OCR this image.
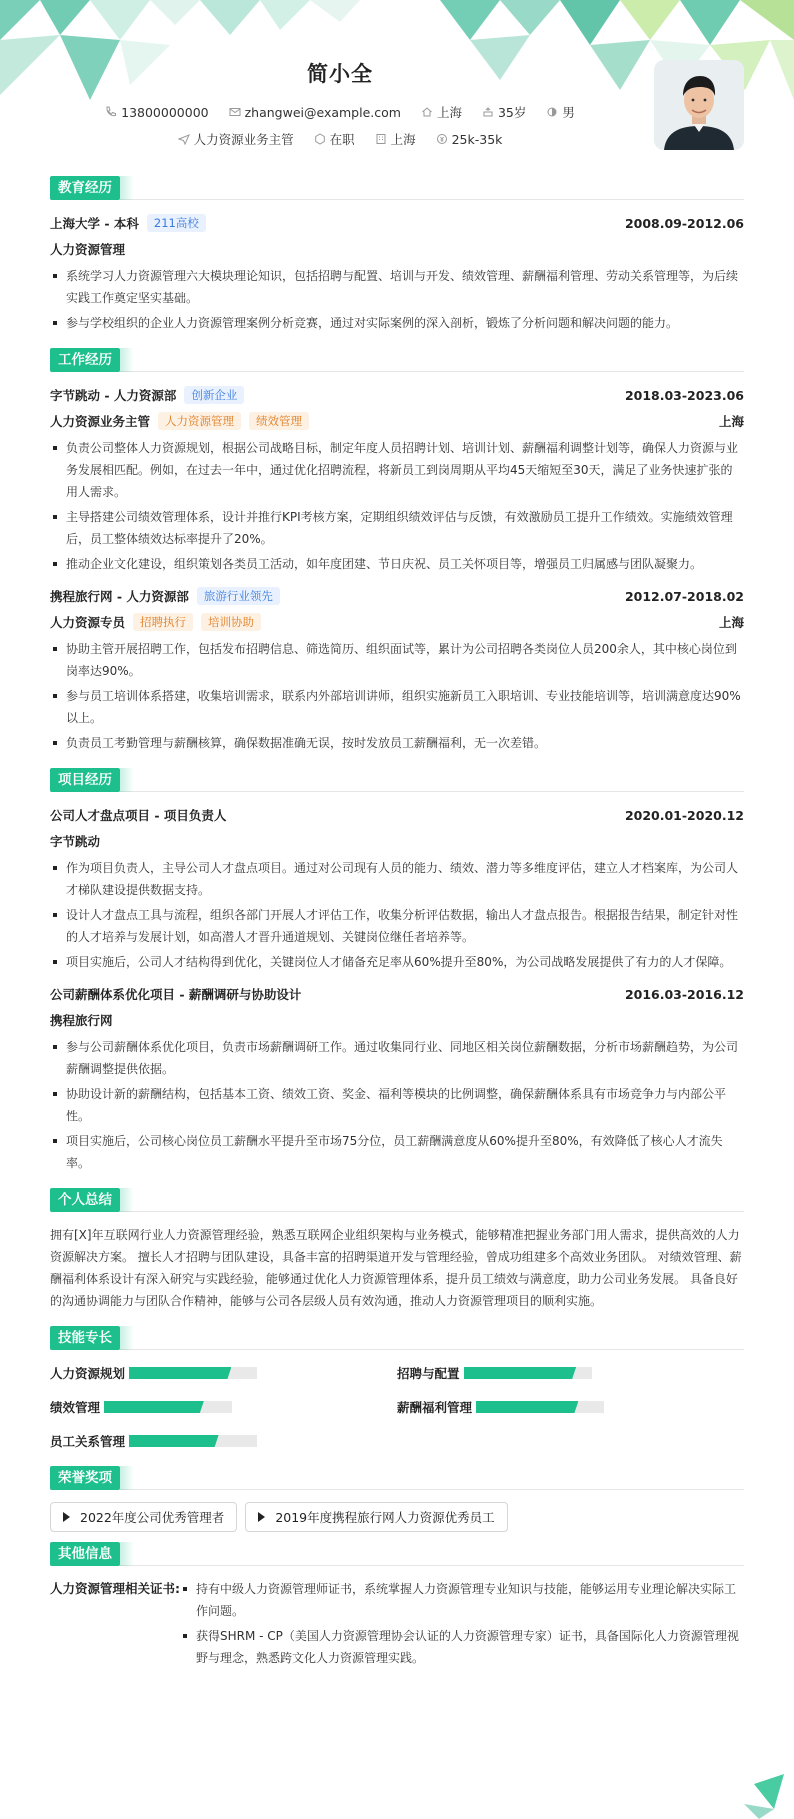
简小全
13800000000	zhangwei@example.com	上海	35岁	男
人力资源业务主管	在职	上海	25k-35k
教育经历
上海大学 - 本科	211高校	2008.09-2012.06
人力资源管理
系统学习人力资源管理六大模块理论知识，包括招聘与配置、培训与开发、绩效管理、薪酬福利管理、劳动关系管理等，为后续实践工作奠定坚实基础。
参与学校组织的企业人力资源管理案例分析竞赛，通过对实际案例的深入剖析，锻炼了分析问题和解决问题的能力。
工作经历
字节跳动 - 人力资源部	创新企业	2018.03-2023.06
人力资源业务主管	人力资源管理	绩效管理	上海
负责公司整体人力资源规划，根据公司战略目标，制定年度人员招聘计划、培训计划、薪酬福利调整计划等，确保人力资源与业务发展相匹配。例如，在过去一年中，通过优化招聘流程，将新员工到岗周期从平均45天缩短至30天，满足了业务快速扩张的用人需求。
主导搭建公司绩效管理体系，设计并推行KPI考核方案，定期组织绩效评估与反馈，有效激励员工提升工作绩效。实施绩效管理后，员工整体绩效达标率提升了20%。
推动企业文化建设，组织策划各类员工活动，如年度团建、节日庆祝、员工关怀项目等，增强员工归属感与团队凝聚力。
携程旅行网 - 人力资源部	旅游行业领先	2012.07-2018.02
人力资源专员	招聘执行	培训协助	上海
协助主管开展招聘工作，包括发布招聘信息、筛选简历、组织面试等，累计为公司招聘各类岗位人员200余人，其中核心岗位到岗率达90%。
参与员工培训体系搭建，收集培训需求，联系内外部培训讲师，组织实施新员工入职培训、专业技能培训等，培训满意度达90%以上。
负责员工考勤管理与薪酬核算，确保数据准确无误，按时发放员工薪酬福利，无一次差错。
项目经历
公司人才盘点项目 - 项目负责人	2020.01-2020.12
字节跳动
作为项目负责人，主导公司人才盘点项目。通过对公司现有人员的能力、绩效、潜力等多维度评估，建立人才档案库，为公司人才梯队建设提供数据支持。
设计人才盘点工具与流程，组织各部门开展人才评估工作，收集分析评估数据，输出人才盘点报告。根据报告结果，制定针对性的人才培养与发展计划，如高潜人才晋升通道规划、关键岗位继任者培养等。
项目实施后，公司人才结构得到优化，关键岗位人才储备充足率从60%提升至80%，为公司战略发展提供了有力的人才保障。
公司薪酬体系优化项目 - 薪酬调研与协助设计	2016.03-2016.12
携程旅行网
参与公司薪酬体系优化项目，负责市场薪酬调研工作。通过收集同行业、同地区相关岗位薪酬数据，分析市场薪酬趋势，为公司薪酬调整提供依据。
协助设计新的薪酬结构，包括基本工资、绩效工资、奖金、福利等模块的比例调整，确保薪酬体系具有市场竞争力与内部公平性。
项目实施后，公司核心岗位员工薪酬水平提升至市场75分位，员工薪酬满意度从60%提升至80%，有效降低了核心人才流失率。
个人总结

拥有[X]年互联网行业人力资源管理经验，熟悉互联网企业组织架构与业务模式，能够精准把握业务部门用人需求，提供高效的人力资源解决方案。 擅长人才招聘与团队建设，具备丰富的招聘渠道开发与管理经验，曾成功组建多个高效业务团队。 对绩效管理、薪酬福利体系设计有深入研究与实践经验，能够通过优化人力资源管理体系，提升员工绩效与满意度，助力公司业务发展。 具备良好的沟通协调能力与团队合作精神，能够与公司各层级人员有效沟通，推动人力资源管理项目的顺利实施。

技能专长
人力资源规划	招聘与配置
绩效管理	薪酬福利管理
员工关系管理
荣誉奖项
2022年度公司优秀管理者	2019年度携程旅行网人力资源优秀员工
其他信息
人力资源管理相关证书:	持有中级人力资源管理师证书，系统掌握人力资源管理专业知识与技能，能够运用专业理论解决实际工作问题。
获得SHRM - CP（美国人力资源管理协会认证的人力资源管理专家）证书，具备国际化人力资源管理视野与理念，熟悉跨文化人力资源管理实践。
